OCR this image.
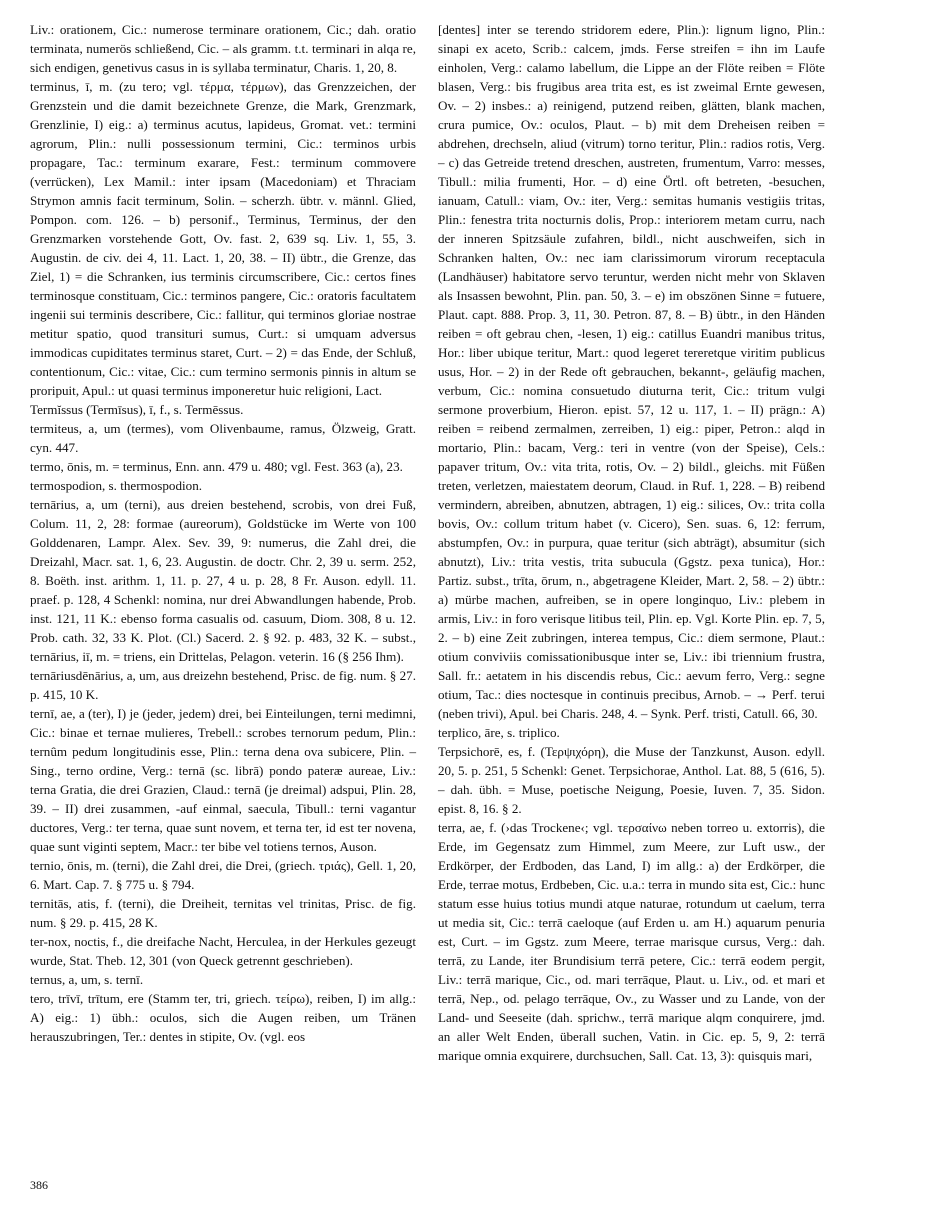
Liv.: orationem, Cic.: numerose terminare orationem, Cic.; dah. oratio terminata, numerös schließend, Cic. – als gramm. t.t. terminari in alqa re, sich endigen, genetivus casus in is syllaba terminatur, Charis. 1, 20, 8.

terminus, ī, m. (zu tero; vgl. τέρμα, τέρμων), das Grenzzeichen, der Grenzstein und die damit bezeichnete Grenze, die Mark, Grenzmark, Grenzlinie, I) eig.: a) terminus acutus, lapideus, Gromat. vet.: termini agrorum, Plin.: nulli possessionum termini, Cic.: terminos urbis propagare, Tac.: terminum exarare, Fest.: terminum commovere (verrücken), Lex Mamil.: inter ipsam (Macedoniam) et Thraciam Strymon amnis facit terminum, Solin. – scherzh. übtr. v. männl. Glied, Pompon. com. 126. – b) personif., Terminus, Terminus, der den Grenzmarken vorstehende Gott, Ov. fast. 2, 639 sq. Liv. 1, 55, 3. Augustin. de civ. dei 4, 11. Lact. 1, 20, 38. – II) übtr., die Grenze, das Ziel, 1) = die Schranken, ius terminis circumscribere, Cic.: certos fines terminosque constituam, Cic.: terminos pangere, Cic.: oratoris facultatem ingenii sui terminis describere, Cic.: fallitur, qui terminos gloriae nostrae metitur spatio, quod transituri sumus, Curt.: si umquam adversus immodicas cupiditates terminus staret, Curt. – 2) = das Ende, der Schluß, contentionum, Cic.: vitae, Cic.: cum termino sermonis pinnis in altum se proripuit, Apul.: ut quasi terminus imponeretur huic religioni, Lact.

Termĭssus (Termīsus), ī, f., s. Termēssus.

termiteus, a, um (termes), vom Olivenbaume, ramus, Ölzweig, Gratt. cyn. 447.

termo, ōnis, m. = terminus, Enn. ann. 479 u. 480; vgl. Fest. 363 (a), 23.

termospodion, s. thermospodion.

ternārius, a, um (terni), aus dreien bestehend, scrobis, von drei Fuß, Colum. 11, 2, 28: formae (aureorum), Goldstücke im Werte von 100 Golddenaren, Lampr. Alex. Sev. 39, 9: numerus, die Zahl drei, die Dreizahl, Macr. sat. 1, 6, 23. Augustin. de doctr. Chr. 2, 39 u. serm. 252, 8. Boëth. inst. arithm. 1, 11. p. 27, 4 u. p. 28, 8 Fr. Auson. edyll. 11. praef. p. 128, 4 Schenkl: nomina, nur drei Abwandlungen habende, Prob. inst. 121, 11 K.: ebenso forma casualis od. casuum, Diom. 308, 8 u. 12. Prob. cath. 32, 33 K. Plot. (Cl.) Sacerd. 2. § 92. p. 483, 32 K. – subst., ternārius, iī, m. = triens, ein Drittelas, Pelagon. veterin. 16 (§ 256 Ihm).

ternāriusdēnārius, a, um, aus dreizehn bestehend, Prisc. de fig. num. § 27. p. 415, 10 K.

ternī, ae, a (ter), I) je (jeder, jedem) drei, bei Einteilungen, terni medimni, Cic.: binae et ternae mulieres, Trebell.: scrobes ternorum pedum, Plin.: ternûm pedum longitudinis esse, Plin.: terna dena ova subicere, Plin. – Sing., terno ordine, Verg.: ternā (sc. librā) pondo pateræ aureae, Liv.: terna Gratia, die drei Grazien, Claud.: ternā (je dreimal) adspui, Plin. 28, 39. – II) drei zusammen, -auf einmal, saecula, Tibull.: terni vagantur ductores, Verg.: ter terna, quae sunt novem, et terna ter, id est ter novena, quae sunt viginti septem, Macr.: ter bibe vel totiens ternos, Auson.

ternio, ōnis, m. (terni), die Zahl drei, die Drei, (griech. τριάς), Gell. 1, 20, 6. Mart. Cap. 7. § 775 u. § 794.

ternitās, atis, f. (terni), die Dreiheit, ternitas vel trinitas, Prisc. de fig. num. § 29. p. 415, 28 K.

ter-nox, noctis, f., die dreifache Nacht, Herculea, in der Herkules gezeugt wurde, Stat. Theb. 12, 301 (von Queck getrennt geschrieben).

ternus, a, um, s. ternī.

tero, trīvī, trītum, ere (Stamm ter, tri, griech. τείρω), reiben, I) im allg.: A) eig.: 1) übh.: oculos, sich die Augen reiben, um Tränen herauszubringen, Ter.: dentes in stipite, Ov. (vgl. eos

[dentes] inter se terendo stridorem edere, Plin.): lignum ligno, Plin.: sinapi ex aceto, Scrib.: calcem, jmds. Ferse streifen = ihn im Laufe einholen, Verg.: calamo labellum, die Lippe an der Flöte reiben = Flöte blasen, Verg.: bis frugibus area trita est, es ist zweimal Ernte gewesen, Ov. – 2) insbes.: a) reinigend, putzend reiben, glätten, blank machen, crura pumice, Ov.: oculos, Plaut. – b) mit dem Dreheisen reiben = abdrehen, drechseln, aliud (vitrum) torno teritur, Plin.: radios rotis, Verg. – c) das Getreide tretend dreschen, austreten, frumentum, Varro: messes, Tibull.: milia frumenti, Hor. – d) eine Örtl. oft betreten, -besuchen, ianuam, Catull.: viam, Ov.: iter, Verg.: semitas humanis vestigiis tritas, Plin.: fenestra trita nocturnis dolis, Prop.: interiorem metam curru, nach der inneren Spitzsäule zufahren, bildl., nicht auschweifen, sich in Schranken halten, Ov.: nec iam clarissimorum virorum receptacula (Landhäuser) habitatore servo teruntur, werden nicht mehr von Sklaven als Insassen bewohnt, Plin. pan. 50, 3. – e) im obszönen Sinne = futuere, Plaut. capt. 888. Prop. 3, 11, 30. Petron. 87, 8. – B) übtr., in den Händen reiben = oft gebrau chen, -lesen, 1) eig.: catillus Euandri manibus tritus, Hor.: liber ubique teritur, Mart.: quod legeret tereretque viritim publicus usus, Hor. – 2) in der Rede oft gebrauchen, bekannt-, geläufig machen, verbum, Cic.: nomina consuetudo diuturna terit, Cic.: tritum vulgi sermone proverbium, Hieron. epist. 57, 12 u. 117, 1. – II) prägn.: A) reiben = reibend zermalmen, zerreiben, 1) eig.: piper, Petron.: alqd in mortario, Plin.: bacam, Verg.: teri in ventre (von der Speise), Cels.: papaver tritum, Ov.: vita trita, rotis, Ov. – 2) bildl., gleichs. mit Füßen treten, verletzen, maiestatem deorum, Claud. in Ruf. 1, 228. – B) reibend vermindern, abreiben, abnutzen, abtragen, 1) eig.: silices, Ov.: trita colla bovis, Ov.: collum tritum habet (v. Cicero), Sen. suas. 6, 12: ferrum, abstumpfen, Ov.: in purpura, quae teritur (sich abträgt), absumitur (sich abnutzt), Liv.: trita vestis, trita subucula (Ggstz. pexa tunica), Hor.: Partiz. subst., trīta, ōrum, n., abgetragene Kleider, Mart. 2, 58. – 2) übtr.: a) mürbe machen, aufreiben, se in opere longinquo, Liv.: plebem in armis, Liv.: in foro verisque litibus teil, Plin. ep. Vgl. Korte Plin. ep. 7, 5, 2. – b) eine Zeit zubringen, interea tempus, Cic.: diem sermone, Plaut.: otium conviviis comissationibusque inter se, Liv.: ibi triennium frustra, Sall. fr.: aetatem in his discendis rebus, Cic.: aevum ferro, Verg.: segne otium, Tac.: dies noctesque in continuis precibus, Arnob. – → Perf. terui (neben trivi), Apul. bei Charis. 248, 4. – Synk. Perf. tristi, Catull. 66, 30.

terplico, āre, s. triplico.

Terpsichorē, es, f. (Τερψιχόρη), die Muse der Tanzkunst, Auson. edyll. 20, 5. p. 251, 5 Schenkl: Genet. Terpsichorae, Anthol. Lat. 88, 5 (616, 5). – dah. übh. = Muse, poetische Neigung, Poesie, Iuven. 7, 35. Sidon. epist. 8, 16. § 2.

terra, ae, f. (›das Trockene‹; vgl. τερσαίνω neben torreo u. extorris), die Erde, im Gegensatz zum Himmel, zum Meere, zur Luft usw., der Erdkörper, der Erdboden, das Land, I) im allg.: a) der Erdkörper, die Erde, terrae motus, Erdbeben, Cic. u.a.: terra in mundo sita est, Cic.: hunc statum esse huius totius mundi atque naturae, rotundum ut caelum, terra ut media sit, Cic.: terrā caeloque (auf Erden u. am H.) aquarum penuria est, Curt. – im Ggstz. zum Meere, terrae marisque cursus, Verg.: dah. terrā, zu Lande, iter Brundisium terrā petere, Cic.: terrā eodem pergit, Liv.: terrā marique, Cic., od. mari terrāque, Plaut. u. Liv., od. et mari et terrā, Nep., od. pelago terrāque, Ov., zu Wasser und zu Lande, von der Land- und Seeseite (dah. sprichw., terrā marique alqm conquirere, jmd. an aller Welt Enden, überall suchen, Vatin. in Cic. ep. 5, 9, 2: terrā marique omnia exquirere, durchsuchen, Sall. Cat. 13, 3): quisquis mari,

386
